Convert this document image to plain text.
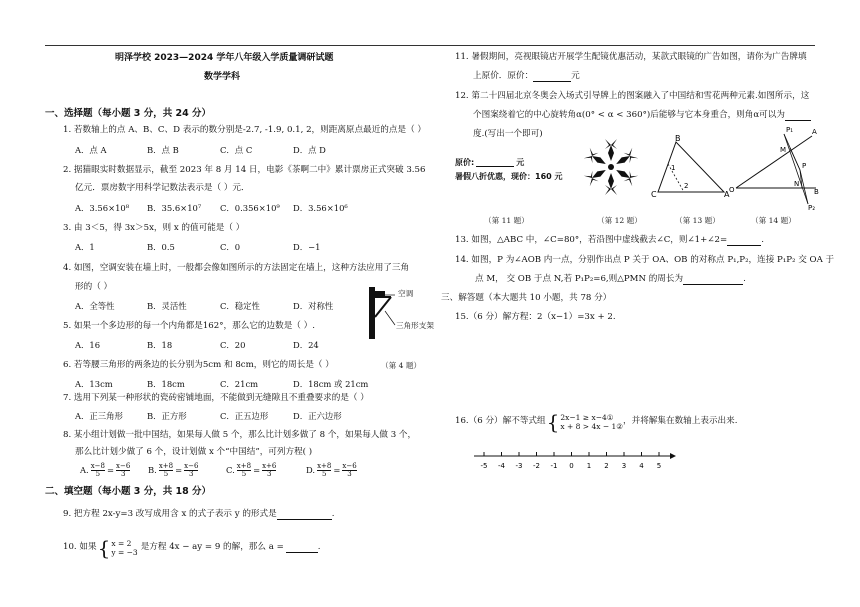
明泽学校 2023—2024 学年八年级入学质量调研试题
数学学科
一、选择题（每小题 3 分，共 24 分）
1. 若数轴上的点 A、B、C、D 表示的数分别是-2.7, -1.9, 0.1, 2，则距离原点最近的点是（ ）
A．点 A	B．点 B	C．点 C	D．点 D
2. 据猫眼实时数据显示，截至 2023 年 8 月 14 日，电影《茶啊二中》累计票房正式突破 3.56
亿元．票房数字用科学记数法表示是（ ）元．
A．3.56×10⁸ B．35.6×10⁷ C．0.356×10⁹ D．3.56×10⁶
3. 由 3＜5，得 3x＞5x，则 x 的值可能是（ ）
A．1	B．0.5	C．0	D．−1
4. 如图，空调安装在墙上时，一般都会像如图所示的方法固定在墙上，这种方法应用了三角
形的（ ）
A．全等性	B．灵活性	C．稳定性	D．对称性
空调
三角形支架
5. 如果一个多边形的每一个内角都是162°，那么它的边数是（ ）.
A．16	B．18	C．20	D．24
6. 若等腰三角形的两条边的长分别为5cm 和 8cm，则它的周长是（ ）	（第 4 题）
A．13cm	B．18cm	C．21cm	D．18cm 或 21cm
7. 选用下列某一种形状的瓷砖密铺地面，不能做到无缝隙且不重叠要求的是（ ）
A．正三角形	B．正方形	C．正五边形	D．正六边形
8. 某小组计划做一批中国结，如果每人做 5 个，那么比计划多做了 8 个，如果每人做 3 个，
那么比计划少做了 6 个，设计划做 x 个“中国结”，可列方程( )
A. $\frac{x-8}{5} = \frac{x-6}{3} B$. $\frac{x+8}{5} = \frac{x-6}{3}$	C. $\frac{x+8}{5} = \frac{x+6}{3}$	D. $\frac{x+8}{5} = \frac{x-6}{3}$
二、填空题（每小题 3 分，共 18 分）
9. 把方程 2x-y=3 改写成用含 x 的式子表示 y 的形式是	.
10. 如果 { x = 2
y = −3
是方程 4x − ay = 9 的解，那么 a =	.
11. 暑假期间，亮视眼镜店开展学生配镜优惠活动，某款式眼镜的广告如图，请你为广告牌填
上原价．原价：	元
12. 第二十四届北京冬奥会入场式引导牌上的图案融入了中国结和雪花两种元素.如图所示，这
个图案绕着它的中心旋转角α(0° < α < 360°)后能够与它本身重合，则角α可以为
度.(写出一个即可)
原价:	元
暑假八折优惠，现价：160 元
B
C	A
1
2
P₁	A
M
P
O
N
B
P₂
（第 11 题）	（第 12 题）	（第 13 题）	（第 14 题）
13. 如图，△ABC 中，∠C=80°，若沿图中虚线截去∠C，则∠1+∠2=	.
14. 如图，P 为∠AOB 内一点，分别作出点 P 关于 OA、OB 的对称点 P₁,P₂，连接 P₁P₂ 交 OA 于
点 M， 交 OB 于点 N,若 P₁P₂=6,则△PMN 的周长为	.
三、解答题（本大题共 10 小题，共 78 分）
15.（6 分）解方程：2（x−1）=3x + 2.
16.（6 分）解不等式组 { 2x−1 ≥ x−4①
x + 8 > 4x − 1②
，并将解集在数轴上表示出来.
-5 -4 -3 -2 -1 0 1 2 3 4 5
